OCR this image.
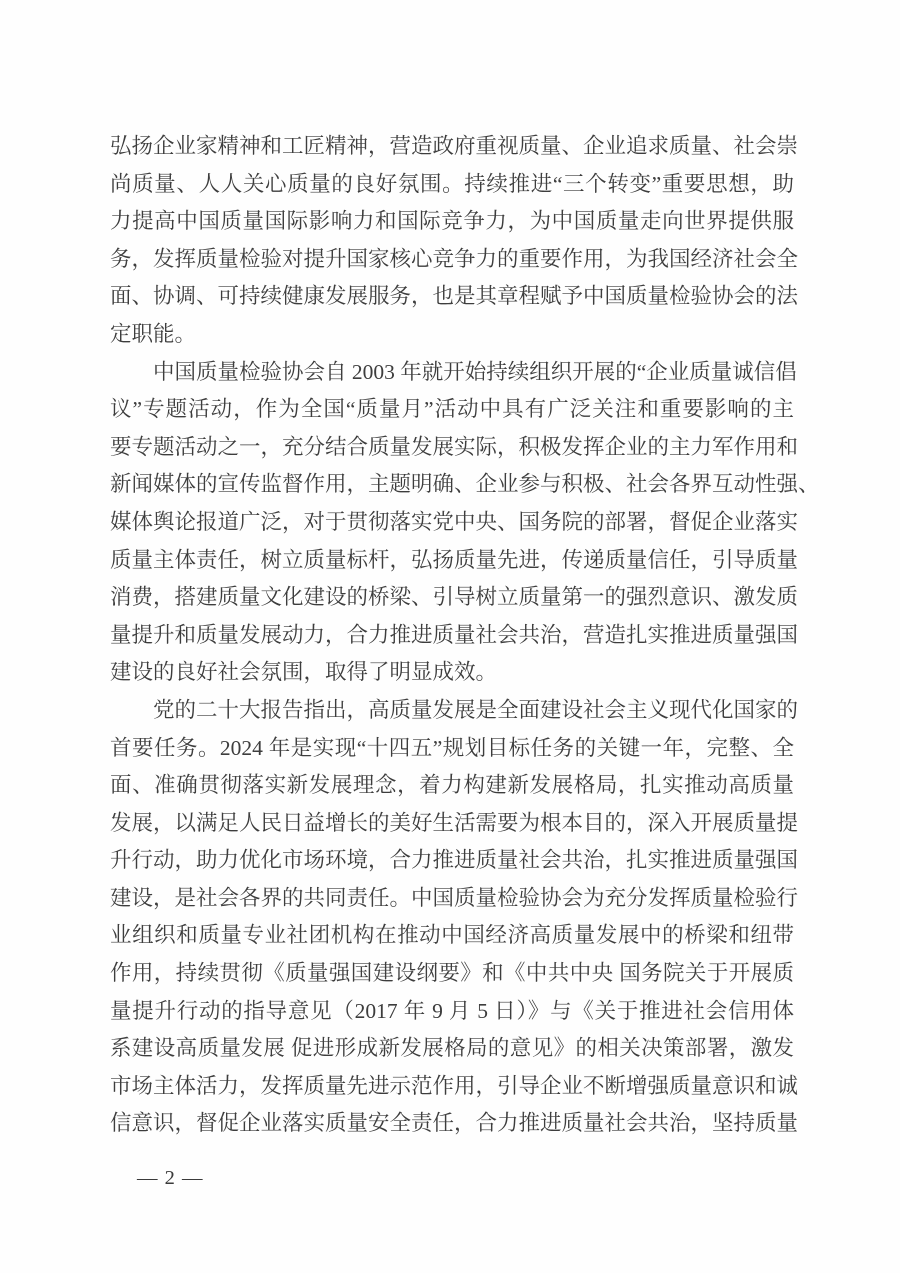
弘扬企业家精神和工匠精神，营造政府重视质量、企业追求质量、社会崇
尚质量、人人关心质量的良好氛围。持续推进“三个转变”重要思想，助
力提高中国质量国际影响力和国际竞争力，为中国质量走向世界提供服
务，发挥质量检验对提升国家核心竞争力的重要作用，为我国经济社会全
面、协调、可持续健康发展服务，也是其章程赋予中国质量检验协会的法
定职能。
中国质量检验协会自 2003 年就开始持续组织开展的“企业质量诚信倡
议”专题活动，作为全国“质量月”活动中具有广泛关注和重要影响的主
要专题活动之一，充分结合质量发展实际，积极发挥企业的主力军作用和
新闻媒体的宣传监督作用，主题明确、企业参与积极、社会各界互动性强、
媒体舆论报道广泛，对于贯彻落实党中央、国务院的部署，督促企业落实
质量主体责任，树立质量标杆，弘扬质量先进，传递质量信任，引导质量
消费，搭建质量文化建设的桥梁、引导树立质量第一的强烈意识、激发质
量提升和质量发展动力，合力推进质量社会共治，营造扎实推进质量强国
建设的良好社会氛围，取得了明显成效。
党的二十大报告指出，高质量发展是全面建设社会主义现代化国家的
首要任务。2024 年是实现“十四五”规划目标任务的关键一年，完整、全
面、准确贯彻落实新发展理念，着力构建新发展格局，扎实推动高质量
发展，以满足人民日益增长的美好生活需要为根本目的，深入开展质量提
升行动，助力优化市场环境，合力推进质量社会共治，扎实推进质量强国
建设，是社会各界的共同责任。中国质量检验协会为充分发挥质量检验行
业组织和质量专业社团机构在推动中国经济高质量发展中的桥梁和纽带
作用，持续贯彻《质量强国建设纲要》和《中共中央 国务院关于开展质
量提升行动的指导意见（2017 年 9 月 5 日）》与《关于推进社会信用体
系建设高质量发展 促进形成新发展格局的意见》的相关决策部署，激发
市场主体活力，发挥质量先进示范作用，引导企业不断增强质量意识和诚
信意识，督促企业落实质量安全责任，合力推进质量社会共治，坚持质量
— 2 —
